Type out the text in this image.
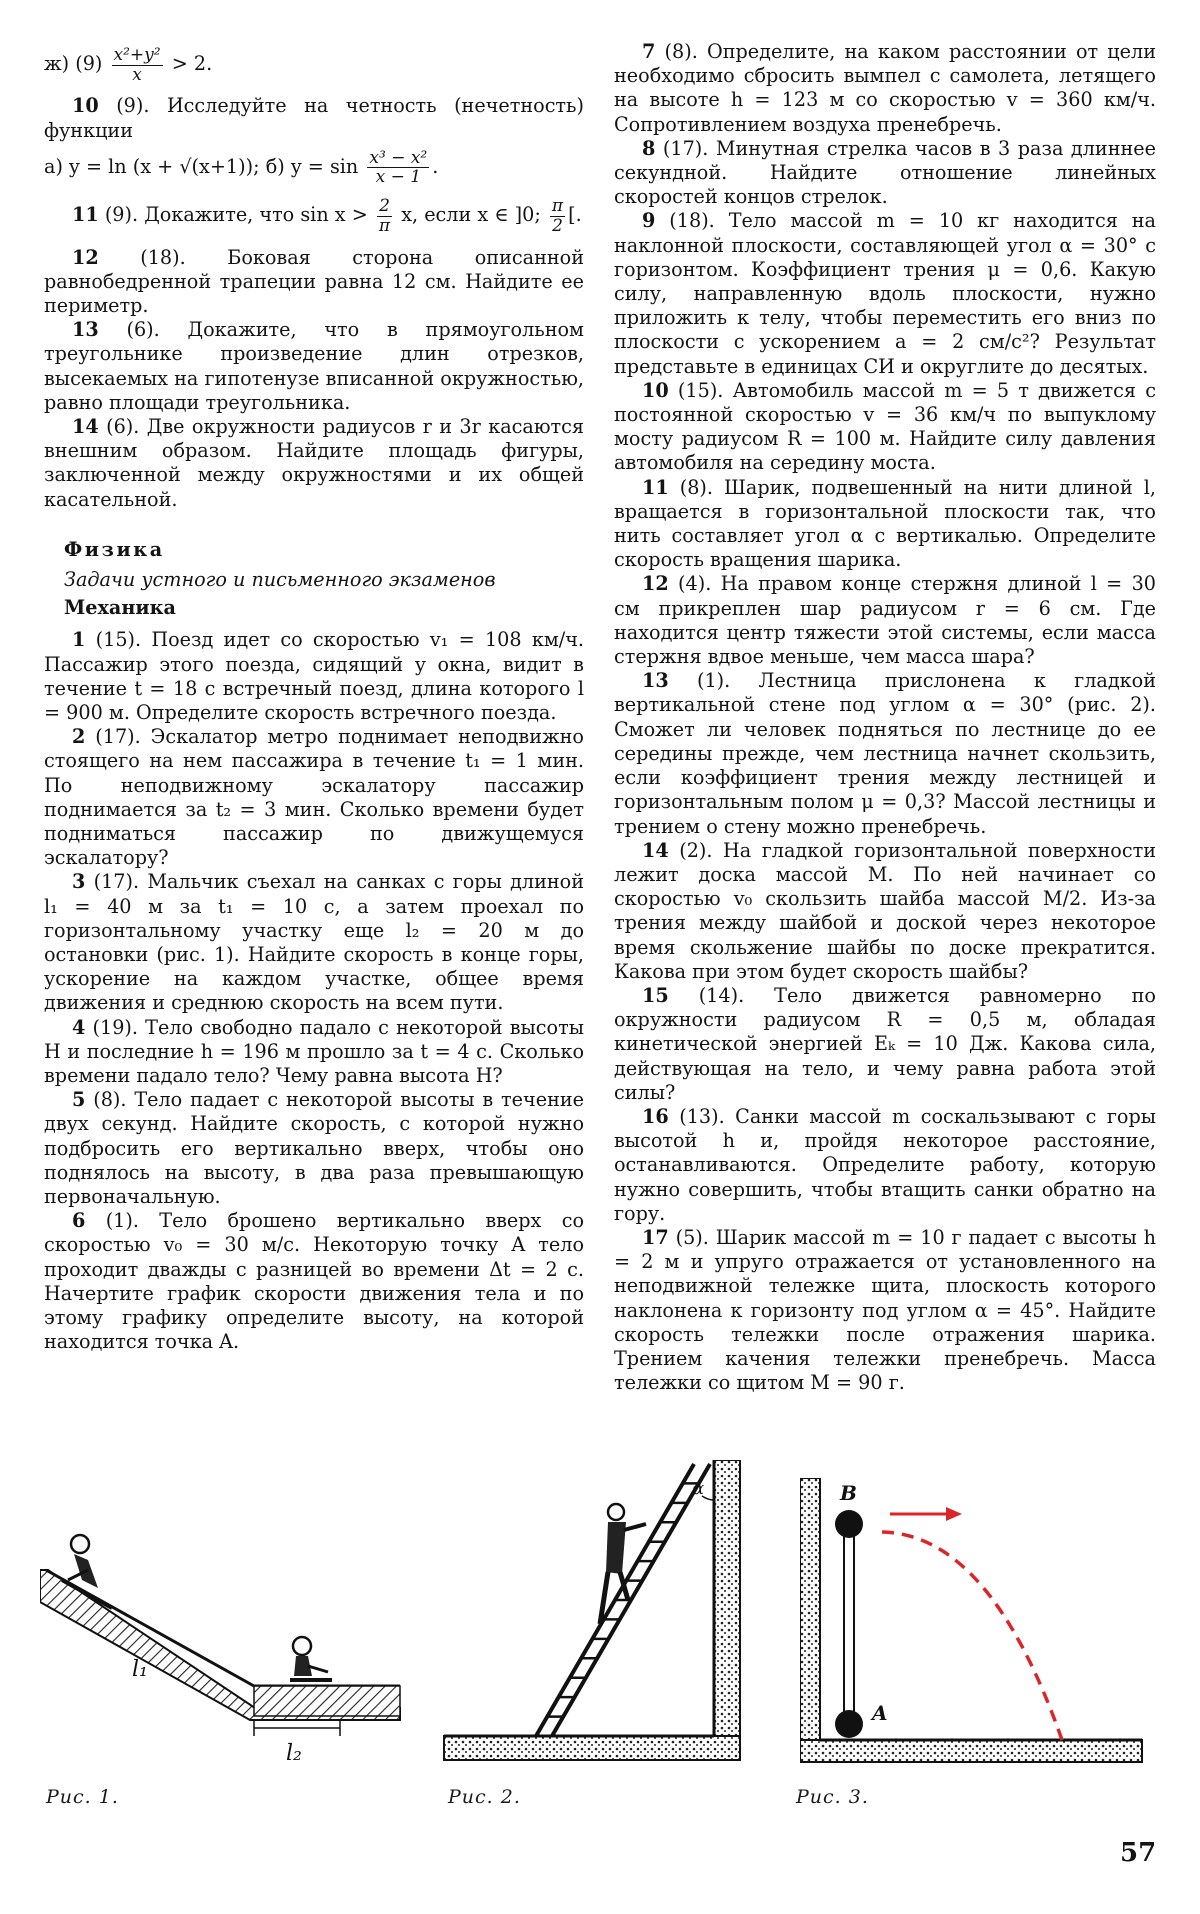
ж) $(9) \frac{\text{x²+y²}}{x} > 2$.

10 (9). Исследуйте на четность (нечетность) функции

а) y = ln (x + √(x+1)); б) $y = \sin \frac{\text{x³ − x²}}{x - 1}$ .
11 (9). Докажите, что $\sin x > \frac{2}{\pi} x$, если x ∈ ]0; $\frac{\pi}{2}$ [.

12 (18). Боковая сторона описанной равнобедренной трапеции равна 12 см. Найдите ее периметр.

13 (6). Докажите, что в прямоугольном треугольнике произведение длин отрезков, высекаемых на гипотенузе вписанной окружностью, равно площади треугольника.

14 (6). Две окружности радиусов r и 3r касаются внешним образом. Найдите площадь фигуры, заключенной между окружностями и их общей касательной.

Физика

Задачи устного и письменного экзаменов

Механика

1 (15). Поезд идет со скоростью v₁ = 108 км/ч. Пассажир этого поезда, сидящий у окна, видит в течение t = 18 с встречный поезд, длина которого l = 900 м. Определите скорость встречного поезда.

2 (17). Эскалатор метро поднимает неподвижно стоящего на нем пассажира в течение t₁ = 1 мин. По неподвижному эскалатору пассажир поднимается за t₂ = 3 мин. Сколько времени будет подниматься пассажир по движущемуся эскалатору?

3 (17). Мальчик съехал на санках с горы длиной l₁ = 40 м за t₁ = 10 с, а затем проехал по горизонтальному участку еще l₂ = 20 м до остановки (рис. 1). Найдите скорость в конце горы, ускорение на каждом участке, общее время движения и среднюю скорость на всем пути.

4 (19). Тело свободно падало с некоторой высоты H и последние h = 196 м прошло за t = 4 с. Сколько времени падало тело? Чему равна высота H?

5 (8). Тело падает с некоторой высоты в течение двух секунд. Найдите скорость, с которой нужно подбросить его вертикально вверх, чтобы оно поднялось на высоту, в два раза превышающую первоначальную.

6 (1). Тело брошено вертикально вверх со скоростью v₀ = 30 м/с. Некоторую точку A тело проходит дважды с разницей во времени Δt = 2 с. Начертите график скорости движения тела и по этому графику определите высоту, на которой находится точка A.

7 (8). Определите, на каком расстоянии от цели необходимо сбросить вымпел с самолета, летящего на высоте h = 123 м со скоростью v = 360 км/ч. Сопротивлением воздуха пренебречь.

8 (17). Минутная стрелка часов в 3 раза длиннее секундной. Найдите отношение линейных скоростей концов стрелок.

9 (18). Тело массой m = 10 кг находится на наклонной плоскости, составляющей угол α = 30° с горизонтом. Коэффициент трения μ = 0,6. Какую силу, направленную вдоль плоскости, нужно приложить к телу, чтобы переместить его вниз по плоскости с ускорением a = 2 см/с²? Результат представьте в единицах СИ и округлите до десятых.

10 (15). Автомобиль массой m = 5 т движется с постоянной скоростью v = 36 км/ч по выпуклому мосту радиусом R = 100 м. Найдите силу давления автомобиля на середину моста.

11 (8). Шарик, подвешенный на нити длиной l, вращается в горизонтальной плоскости так, что нить составляет угол α с вертикалью. Определите скорость вращения шарика.

12 (4). На правом конце стержня длиной l = 30 см прикреплен шар радиусом r = 6 см. Где находится центр тяжести этой системы, если масса стержня вдвое меньше, чем масса шара?

13 (1). Лестница прислонена к гладкой вертикальной стене под углом α = 30° (рис. 2). Сможет ли человек подняться по лестнице до ее середины прежде, чем лестница начнет скользить, если коэффициент трения между лестницей и горизонтальным полом μ = 0,3? Массой лестницы и трением о стену можно пренебречь.

14 (2). На гладкой горизонтальной поверхности лежит доска массой M. По ней начинает со скоростью v₀ скользить шайба массой M/2. Из-за трения между шайбой и доской через некоторое время скольжение шайбы по доске прекратится. Какова при этом будет скорость шайбы?

15 (14). Тело движется равномерно по окружности радиусом R = 0,5 м, обладая кинетической энергией Eₖ = 10 Дж. Какова сила, действующая на тело, и чему равна работа этой силы?

16 (13). Санки массой m соскальзывают с горы высотой h и, пройдя некоторое расстояние, останавливаются. Определите работу, которую нужно совершить, чтобы втащить санки обратно на гору.

17 (5). Шарик массой m = 10 г падает с высоты h = 2 м и упруго отражается от установленного на неподвижной тележке щита, плоскость которого наклонена к горизонту под углом α = 45°. Найдите скорость тележки после отражения шарика. Трением качения тележки пренебречь. Масса тележки со щитом M = 90 г.

l₁
l₂
Рис. 1.
α
Рис. 2.
B
A
Рис. 3.
57
